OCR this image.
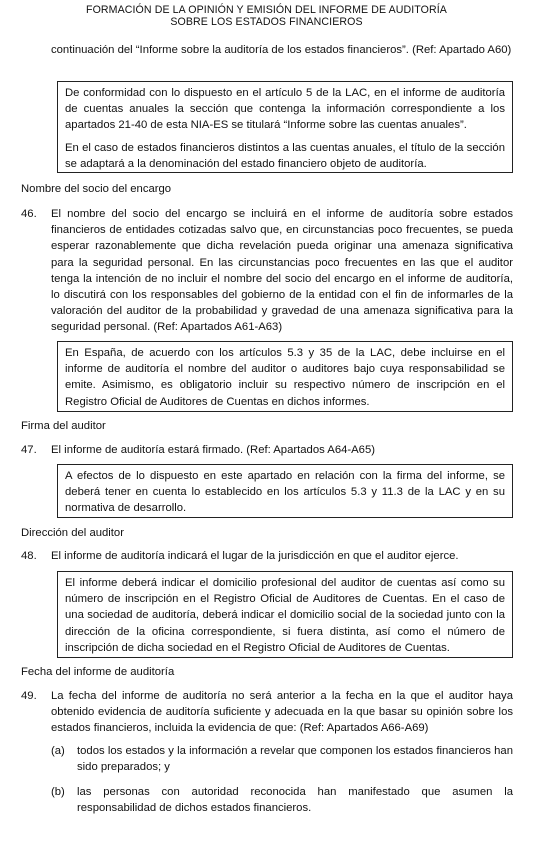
FORMACIÓN DE LA OPINIÓN Y EMISIÓN DEL INFORME DE AUDITORÍA
SOBRE LOS ESTADOS FINANCIEROS

continuación del “Informe sobre la auditoría de los estados financieros”. (Ref: Apartado A60)

De conformidad con lo dispuesto en el artículo 5 de la LAC, en el informe de auditoría de cuentas anuales la sección que contenga la información correspondiente a los apartados 21-40 de esta NIA-ES se titulará “Informe sobre las cuentas anuales”.

En el caso de estados financieros distintos a las cuentas anuales, el título de la sección se adaptará a la denominación del estado financiero objeto de auditoría.

Nombre del socio del encargo
46. El nombre del socio del encargo se incluirá en el informe de auditoría sobre estados financieros de entidades cotizadas salvo que, en circunstancias poco frecuentes, se pueda esperar razonablemente que dicha revelación pueda originar una amenaza significativa para la seguridad personal. En las circunstancias poco frecuentes en las que el auditor tenga la intención de no incluir el nombre del socio del encargo en el informe de auditoría, lo discutirá con los responsables del gobierno de la entidad con el fin de informarles de la valoración del auditor de la probabilidad y gravedad de una amenaza significativa para la seguridad personal. (Ref: Apartados A61-A63)

En España, de acuerdo con los artículos 5.3 y 35 de la LAC, debe incluirse en el informe de auditoría el nombre del auditor o auditores bajo cuya responsabilidad se emite. Asimismo, es obligatorio incluir su respectivo número de inscripción en el Registro Oficial de Auditores de Cuentas en dichos informes.

Firma del auditor
47. El informe de auditoría estará firmado. (Ref: Apartados A64-A65)

A efectos de lo dispuesto en este apartado en relación con la firma del informe, se deberá tener en cuenta lo establecido en los artículos 5.3 y 11.3 de la LAC y en su normativa de desarrollo.

Dirección del auditor
48. El informe de auditoría indicará el lugar de la jurisdicción en que el auditor ejerce.

El informe deberá indicar el domicilio profesional del auditor de cuentas así como su número de inscripción en el Registro Oficial de Auditores de Cuentas. En el caso de una sociedad de auditoría, deberá indicar el domicilio social de la sociedad junto con la dirección de la oficina correspondiente, si fuera distinta, así como el número de inscripción de dicha sociedad en el Registro Oficial de Auditores de Cuentas.

Fecha del informe de auditoría
49. La fecha del informe de auditoría no será anterior a la fecha en la que el auditor haya obtenido evidencia de auditoría suficiente y adecuada en la que basar su opinión sobre los estados financieros, incluida la evidencia de que: (Ref: Apartados A66-A69)

(a) todos los estados y la información a revelar que componen los estados financieros han sido preparados; y

(b) las personas con autoridad reconocida han manifestado que asumen la responsabilidad de dichos estados financieros.
